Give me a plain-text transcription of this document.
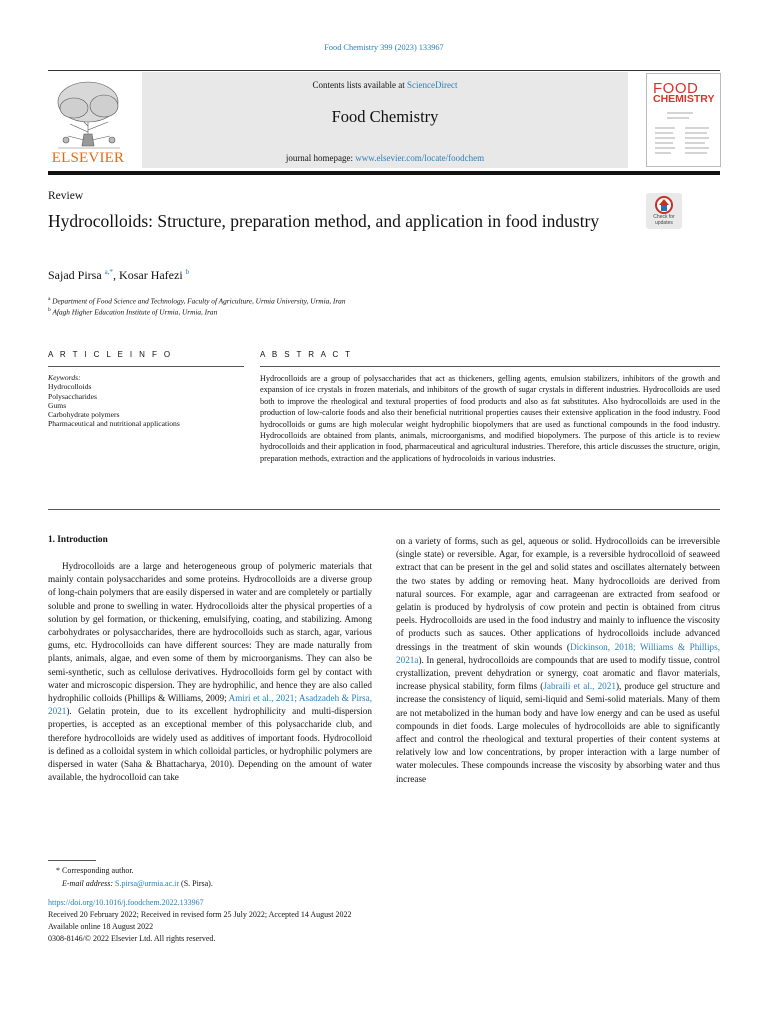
Food Chemistry 399 (2023) 133967
ELSEVIER
Contents lists available at ScienceDirect
Food Chemistry
journal homepage: www.elsevier.com/locate/foodchem
FOOD
CHEMISTRY
Review
Hydrocolloids: Structure, preparation method, and application in food industry	Check for updates
Sajad Pirsa $^{a,*}$, Kosar Hafezi $^b$
$^a$ Department of Food Science and Technology, Faculty of Agriculture, Urmia University, Urmia, Iran
$^b$ Afagh Higher Education Institute of Urmia, Urmia, Iran
A R T I C L E I N F O	A B S T R A C T
Keywords:
Hydrocolloids
Polysaccharides
Gums
Carbohydrate polymers
Pharmaceutical and nutritional applications
Hydrocolloids are a group of polysaccharides that act as thickeners, gelling agents, emulsion stabilizers, inhibitors of the growth and expansion of ice crystals in frozen materials, and inhibitors of the growth of sugar crystals in different industries. Hydrocolloids are used both to improve the rheological and textural properties of food products and also as fat substitutes. Also hydrocolloids are used in the production of low-calorie foods and also their beneficial nutritional properties causes their extensive application in the food industry. Food hydrocolloids or gums are high molecular weight hydrophilic biopolymers that are used as functional compounds in the food industry. Hydrocolloids are obtained from plants, animals, microorganisms, and modified biopolymers. The purpose of this article is to review hydrocolloids and their application in food, pharmaceutical and agricultural industries. Therefore, this article discusses the structure, origin, preparation methods, extraction and the applications of hydrocoloids in various industries.
1. Introduction
Hydrocolloids are a large and heterogeneous group of polymeric materials that mainly contain polysaccharides and some proteins. Hydrocolloids are a diverse group of long-chain polymers that are easily dispersed in water and are completely or partially soluble and prone to swelling in water. Hydrocolloids alter the physical properties of a solution by gel formation, or thickening, emulsifying, coating, and stabilizing. Among carbohydrates or polysaccharides, there are hydrocolloids such as starch, agar, various gums, etc. Hydrocolloids can have different sources: They are made naturally from plants, animals, algae, and even some of them by microorganisms. They can also be semi-synthetic, such as cellulose derivatives. Hydrocolloids form gel by contact with water and microscopic dispersion. They are hydrophilic, and hence they are also called hydrophilic colloids (Phillips & Williams, 2009; Amiri et al., 2021; Asadzadeh & Pirsa, 2021). Gelatin protein, due to its excellent hydrophilicity and multi-dispersion properties, is accepted as an exceptional member of this polysaccharide club, and therefore hydrocolloids are widely used as additives of important foods. Hydrocolloid is defined as a colloidal system in which colloidal particles, or hydrophilic polymers are dispersed in water (Saha & Bhattacharya, 2010). Depending on the amount of water available, the hydrocolloid can take
on a variety of forms, such as gel, aqueous or solid. Hydrocolloids can be irreversible (single state) or reversible. Agar, for example, is a reversible hydrocolloid of seaweed extract that can be present in the gel and solid states and oscillates alternately between the two states by adding or removing heat. Many hydrocolloids are derived from natural sources. For example, agar and carrageenan are extracted from seafood or gelatin is produced by hydrolysis of cow protein and pectin is obtained from citrus peels. Hydrocolloids are used in the food industry and mainly to influence the viscosity of products such as sauces. Other applications of hydrocolloids include advanced dressings in the treatment of skin wounds (Dickinson, 2018; Williams & Phillips, 2021a). In general, hydrocolloids are compounds that are used to modify tissue, control crystallization, prevent dehydration or synergy, coat aromatic and flavor materials, increase physical stability, form films (Jabraili et al., 2021), produce gel structure and increase the consistency of liquid, semi-liquid and Semi-solid materials. Many of them are not metabolized in the human body and have low energy and can be used as useful compounds in diet foods. Large molecules of hydrocolloids are able to significantly affect and control the rheological and textural properties of their content systems at relatively low and low concentrations, by proper interaction with a large number of water molecules. These compounds increase the viscosity by absorbing water and thus increase
* Corresponding author.
E-mail address: S.pirsa@urmia.ac.ir (S. Pirsa).
https://doi.org/10.1016/j.foodchem.2022.133967
Received 20 February 2022; Received in revised form 25 July 2022; Accepted 14 August 2022
Available online 18 August 2022
0308-8146/© 2022 Elsevier Ltd. All rights reserved.
